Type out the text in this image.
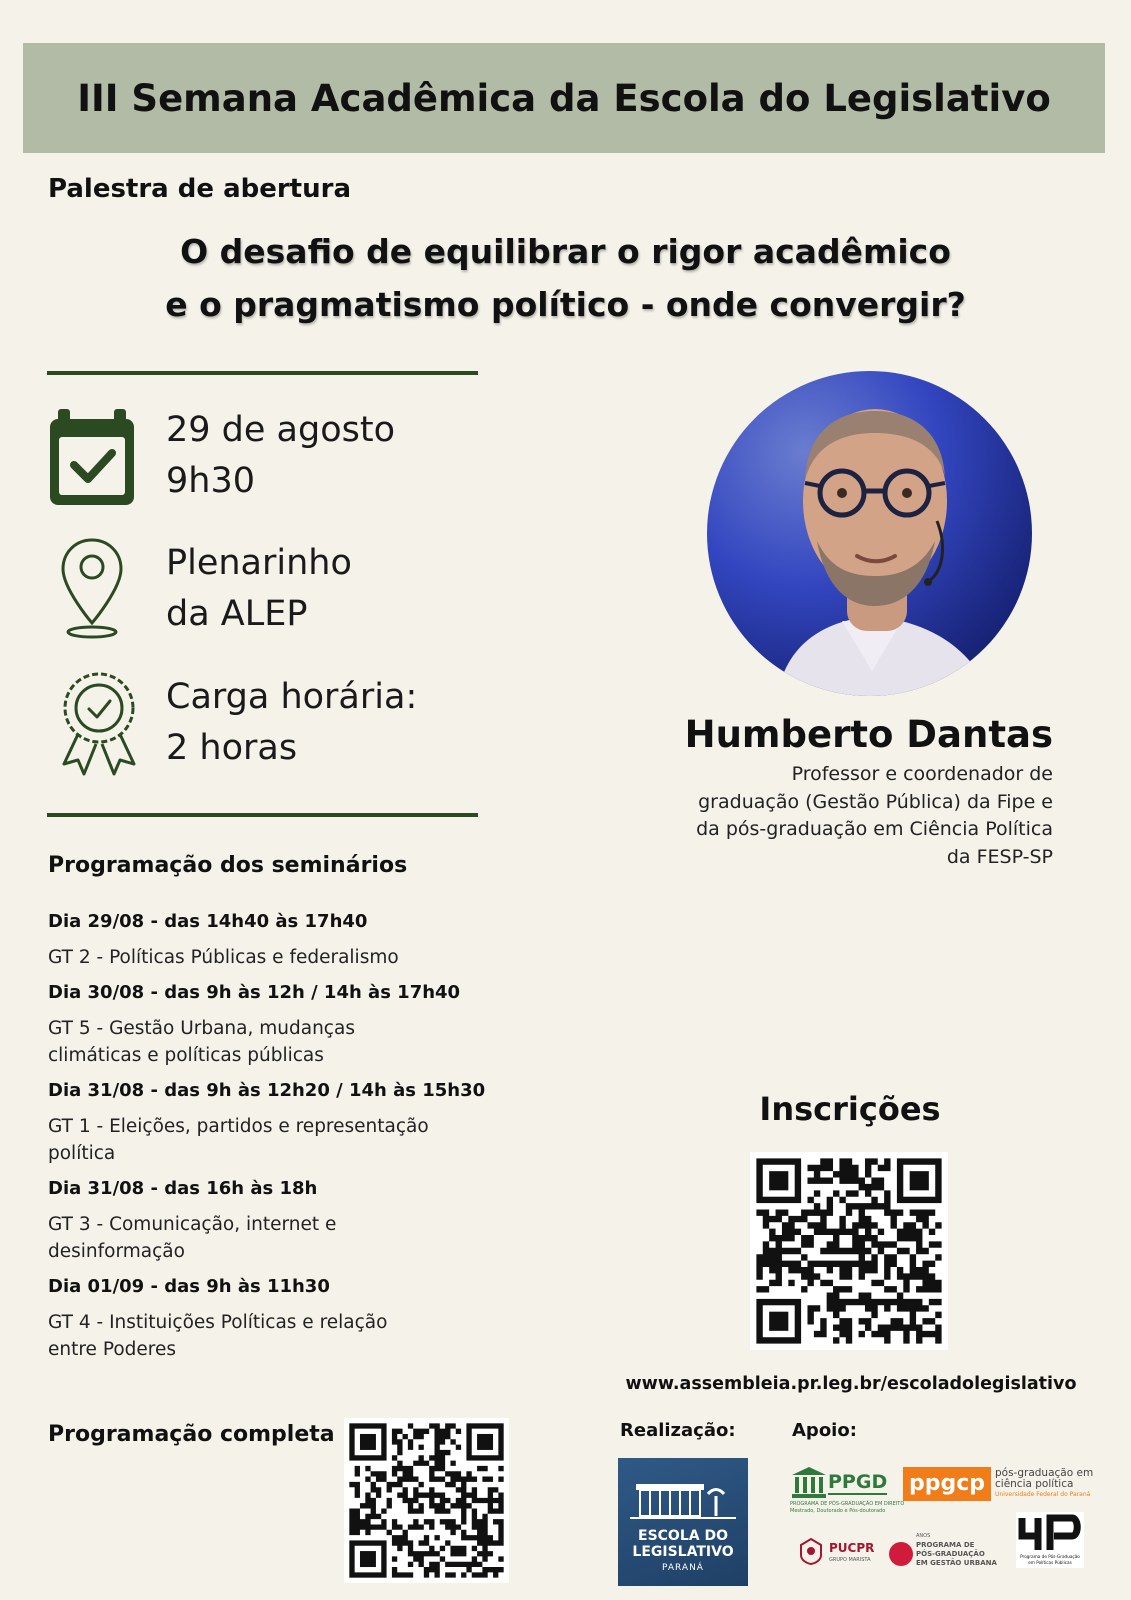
III Semana Acadêmica da Escola do Legislativo
Palestra de abertura
O desafio de equilibrar o rigor acadêmico
e o pragmatismo político - onde convergir?
29 de agosto
9h30
Plenarinho
da ALEP
Carga horária:
2 horas	Humberto Dantas
Professor e coordenador de
graduação (Gestão Pública) da Fipe e
da pós-graduação em Ciência Política
da FESP-SP
Programação dos seminários
Dia 29/08 - das 14h40 às 17h40
GT 2 - Políticas Públicas e federalismo
Dia 30/08 - das 9h às 12h / 14h às 17h40
GT 5 - Gestão Urbana, mudanças climáticas e políticas públicas
Dia 31/08 - das 9h às 12h20 / 14h às 15h30
GT 1 - Eleições, partidos e representação política
Dia 31/08 - das 16h às 18h
GT 3 - Comunicação, internet e desinformação
Dia 01/09 - das 9h às 11h30
GT 4 - Instituições Políticas e relação entre Poderes
Programação completa
Inscrições
www.assembleia.pr.leg.br/escoladolegislativo
Realização:	Apoio:
ESCOLA DO
LEGISLATIVO
PARANÁ
PPGD
PROGRAMA DE PÓS-GRADUAÇÃO EM DIREITO
Mestrado, Doutorado e Pós-doutorado
ppgcp pós-graduação em
ciência política
Universidade Federal do Paraná
PUCPR
GRUPO MARISTA
ANOS
PROGRAMA DE
PÓS-GRADUAÇÃO
EM GESTÃO URBANA
Programa de Pós-Graduação
em Políticas Públicas
